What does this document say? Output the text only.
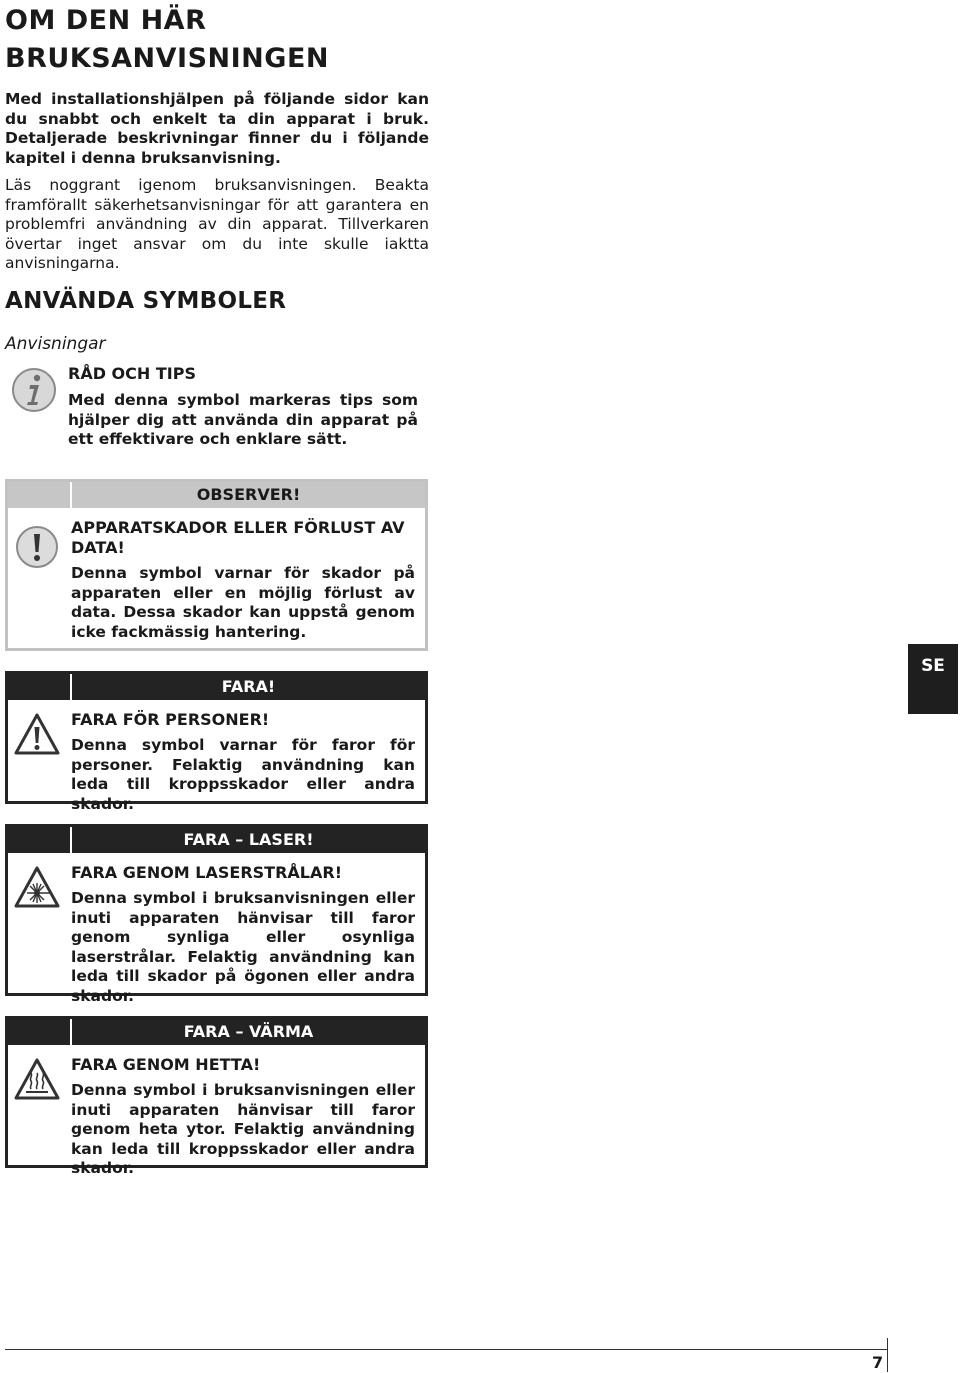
OM DEN HÄR
BRUKSANVISNINGEN

Med installationshjälpen på följande sidor kan du snabbt och enkelt ta din apparat i bruk. Detaljerade beskrivningar finner du i följande kapitel i denna bruksanvisning.

Läs noggrant igenom bruksanvisningen. Beakta framförallt säkerhetsanvisningar för att garantera en problemfri användning av din apparat. Tillverkaren övertar inget ansvar om du inte skulle iaktta anvisningarna.

ANVÄNDA SYMBOLER
Anvisningar
RÅD OCH TIPS
Med denna symbol markeras tips som hjälper dig att använda din apparat på ett effektivare och enklare sätt.
OBSERVER!
APPARATSKADOR ELLER FÖRLUST AV DATA!
Denna symbol varnar för skador på apparaten eller en möjlig förlust av data. Dessa skador kan uppstå genom icke fackmässig hantering.
FARA!
FARA FÖR PERSONER!
Denna symbol varnar för faror för personer. Felaktig användning kan leda till kroppsskador eller andra skador.
FARA – LASER!
FARA GENOM LASERSTRÅLAR!
Denna symbol i bruksanvisningen eller inuti apparaten hänvisar till faror genom synliga eller osynliga laserstrålar. Felaktig användning kan leda till skador på ögonen eller andra skador.
FARA – VÄRMA
FARA GENOM HETTA!
Denna symbol i bruksanvisningen eller inuti apparaten hänvisar till faror genom heta ytor. Felaktig användning kan leda till kroppsskador eller andra skador.
SE
7
